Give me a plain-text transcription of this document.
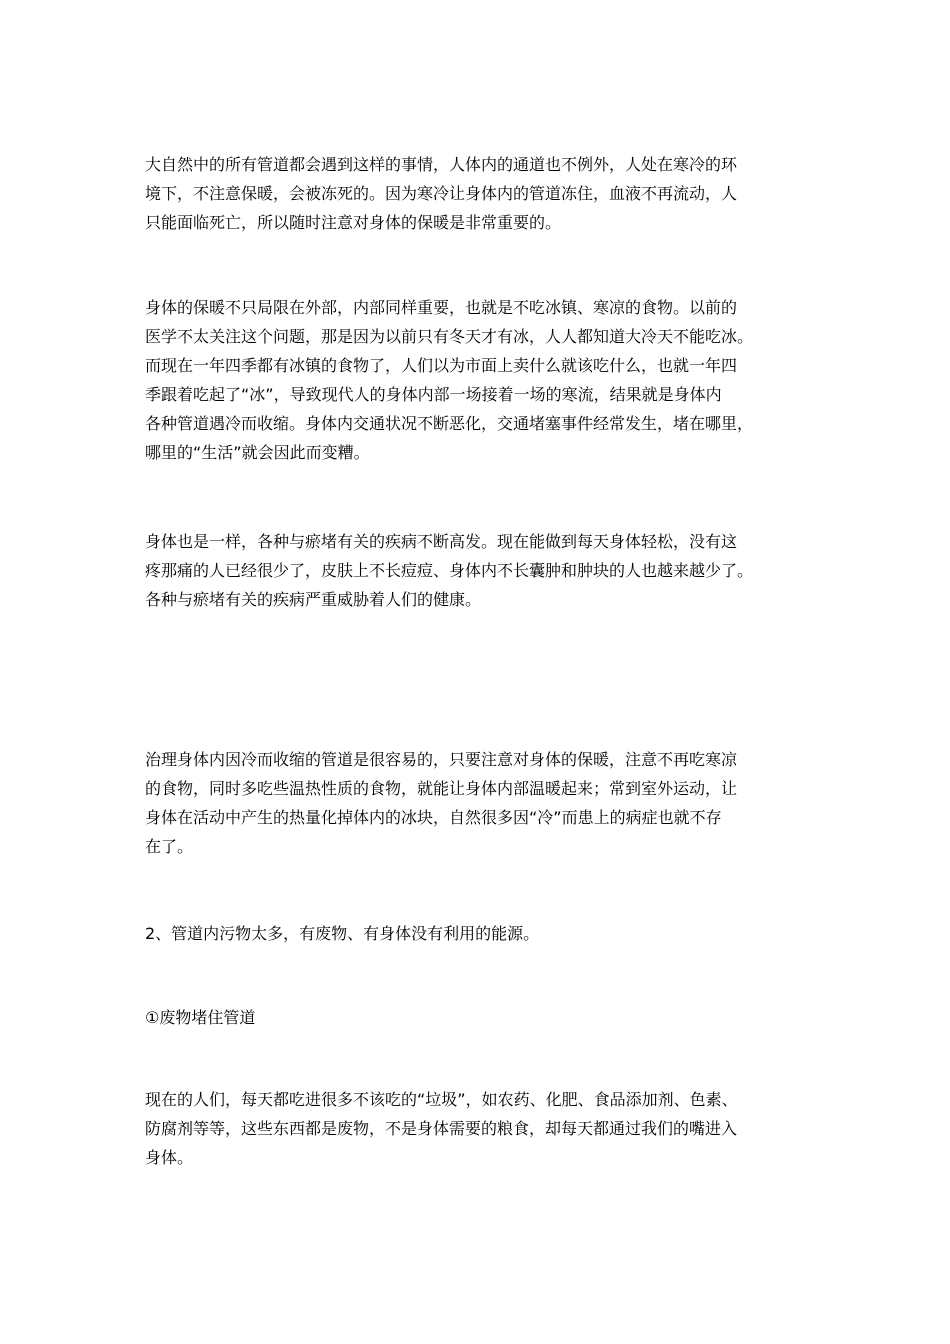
大自然中的所有管道都会遇到这样的事情，人体内的通道也不例外，人处在寒冷的环
境下，不注意保暖，会被冻死的。因为寒冷让身体内的管道冻住，血液不再流动，人
只能面临死亡，所以随时注意对身体的保暖是非常重要的。

身体的保暖不只局限在外部，内部同样重要，也就是不吃冰镇、寒凉的食物。以前的
医学不太关注这个问题，那是因为以前只有冬天才有冰，人人都知道大冷天不能吃冰。
而现在一年四季都有冰镇的食物了，人们以为市面上卖什么就该吃什么，也就一年四
季跟着吃起了“冰”，导致现代人的身体内部一场接着一场的寒流，结果就是身体内
各种管道遇冷而收缩。身体内交通状况不断恶化，交通堵塞事件经常发生，堵在哪里，
哪里的“生活”就会因此而变糟。

身体也是一样，各种与瘀堵有关的疾病不断高发。现在能做到每天身体轻松，没有这
疼那痛的人已经很少了，皮肤上不长痘痘、身体内不长囊肿和肿块的人也越来越少了。
各种与瘀堵有关的疾病严重威胁着人们的健康。

治理身体内因冷而收缩的管道是很容易的，只要注意对身体的保暖，注意不再吃寒凉
的食物，同时多吃些温热性质的食物，就能让身体内部温暖起来；常到室外运动，让
身体在活动中产生的热量化掉体内的冰块，自然很多因“冷”而患上的病症也就不存
在了。

2、管道内污物太多，有废物、有身体没有利用的能源。

①废物堵住管道

现在的人们，每天都吃进很多不该吃的“垃圾”，如农药、化肥、食品添加剂、色素、
防腐剂等等，这些东西都是废物，不是身体需要的粮食，却每天都通过我们的嘴进入
身体。
